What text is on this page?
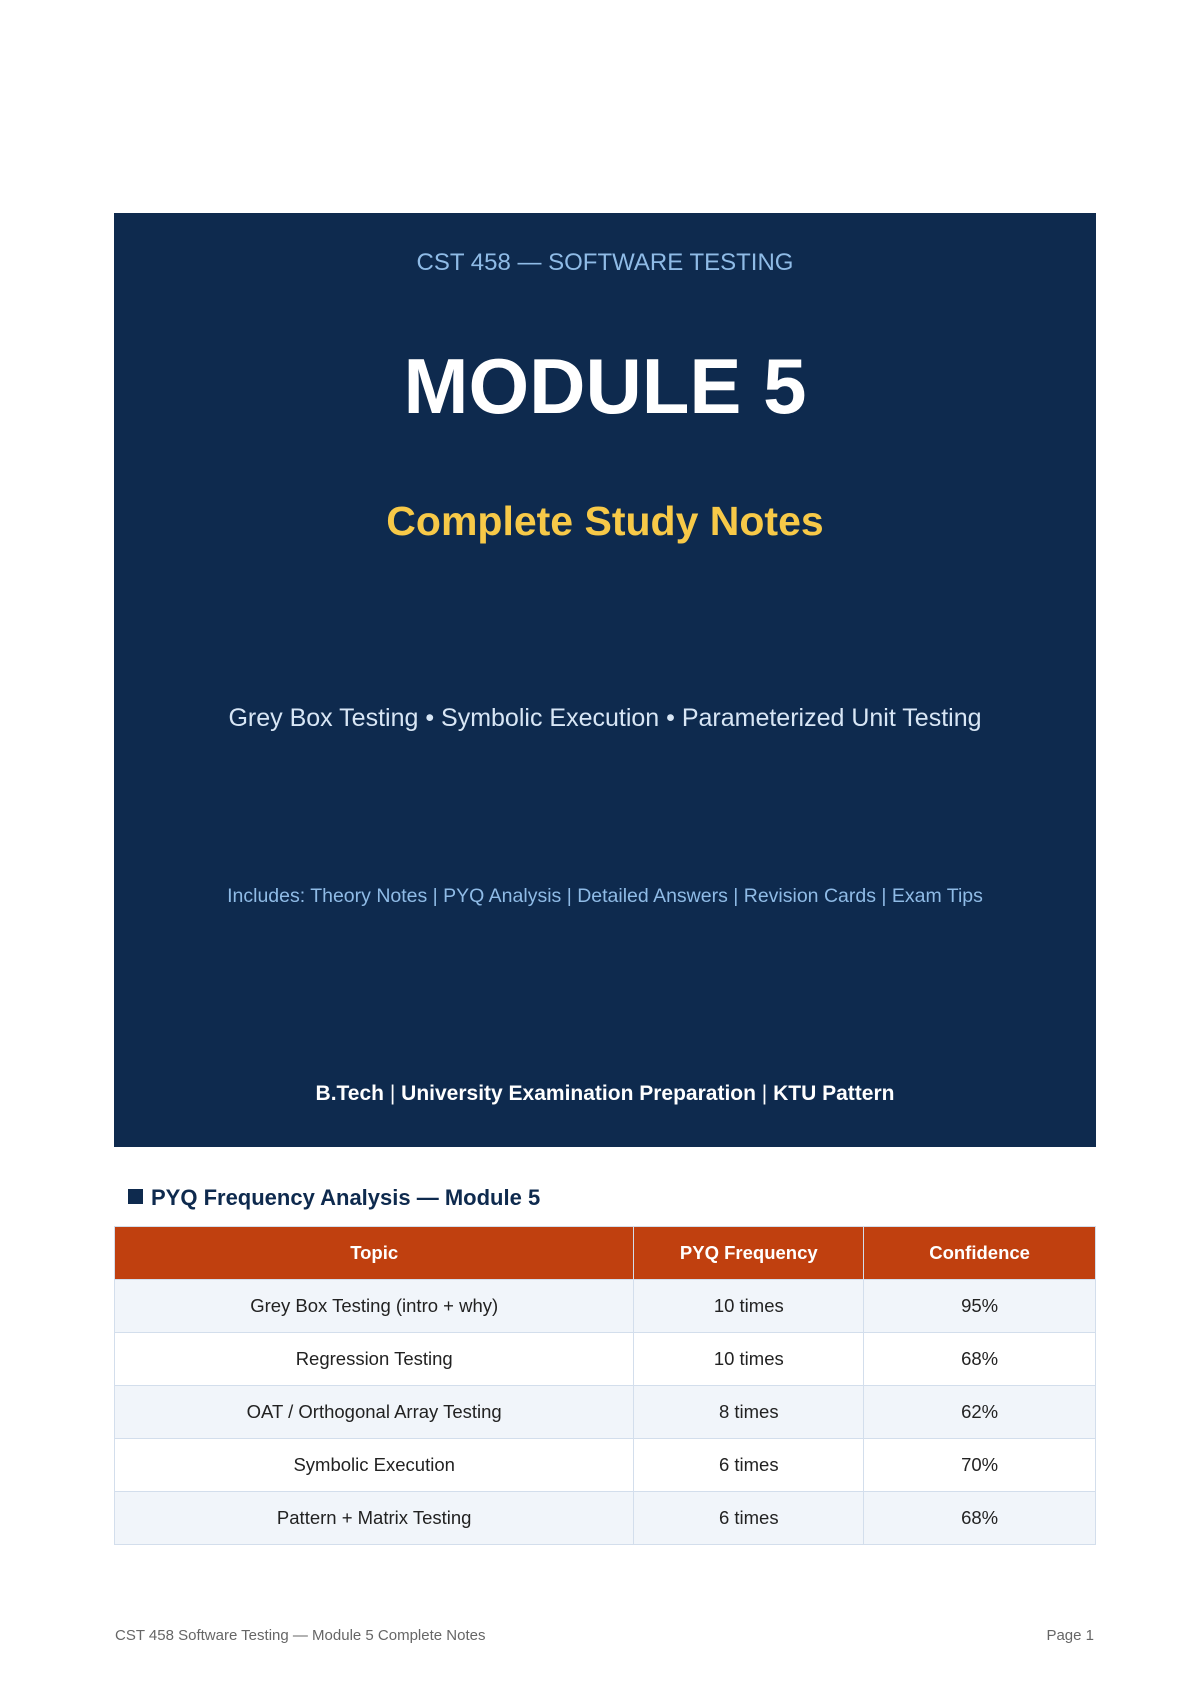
CST 458 — SOFTWARE TESTING
MODULE 5
Complete Study Notes
Grey Box Testing • Symbolic Execution • Parameterized Unit Testing
Includes: Theory Notes | PYQ Analysis | Detailed Answers | Revision Cards | Exam Tips
B.Tech | University Examination Preparation | KTU Pattern
PYQ Frequency Analysis — Module 5
Topic	PYQ Frequency	Confidence
Grey Box Testing (intro + why)	10 times	95%
Regression Testing	10 times	68%
OAT / Orthogonal Array Testing	8 times	62%
Symbolic Execution	6 times	70%
Pattern + Matrix Testing	6 times	68%
CST 458 Software Testing — Module 5 Complete Notes	Page 1
